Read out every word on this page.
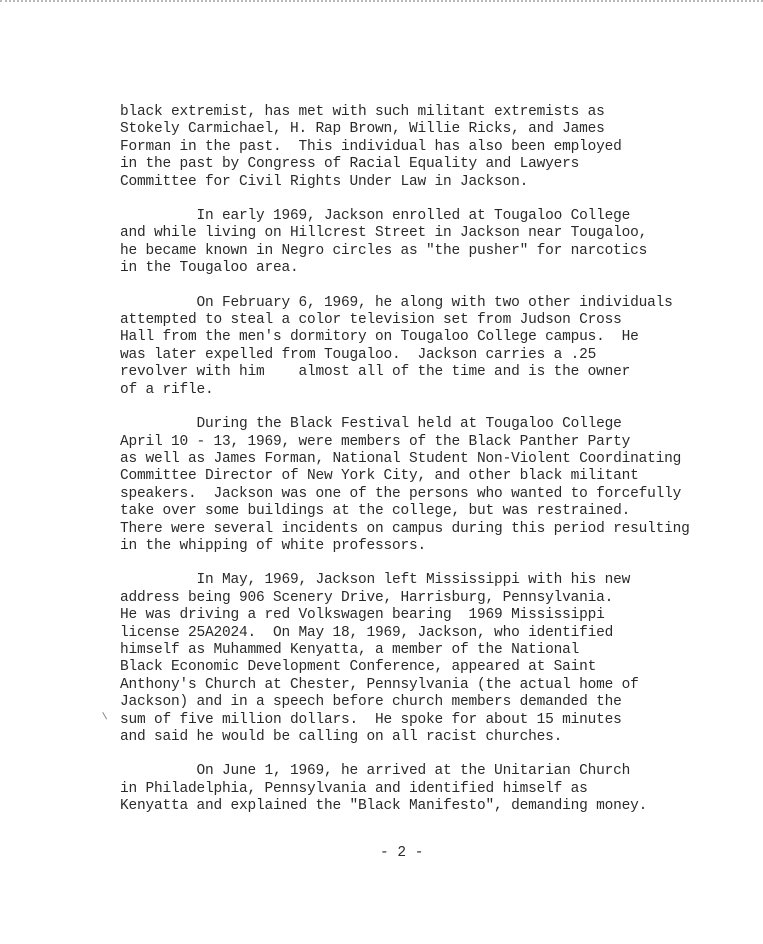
black extremist, has met with such militant extremists as
Stokely Carmichael, H. Rap Brown, Willie Ricks, and James
Forman in the past.  This individual has also been employed
in the past by Congress of Racial Equality and Lawyers
Committee for Civil Rights Under Law in Jackson.
In early 1969, Jackson enrolled at Tougaloo College
and while living on Hillcrest Street in Jackson near Tougaloo,
he became known in Negro circles as "the pusher" for narcotics
in the Tougaloo area.
On February 6, 1969, he along with two other individuals
attempted to steal a color television set from Judson Cross
Hall from the men's dormitory on Tougaloo College campus.  He
was later expelled from Tougaloo.  Jackson carries a .25
revolver with him    almost all of the time and is the owner
of a rifle.
During the Black Festival held at Tougaloo College
April 10 - 13, 1969, were members of the Black Panther Party
as well as James Forman, National Student Non-Violent Coordinating
Committee Director of New York City, and other black militant
speakers.  Jackson was one of the persons who wanted to forcefully
take over some buildings at the college, but was restrained.
There were several incidents on campus during this period resulting
in the whipping of white professors.
In May, 1969, Jackson left Mississippi with his new
address being 906 Scenery Drive, Harrisburg, Pennsylvania.
He was driving a red Volkswagen bearing  1969 Mississippi
license 25A2024.  On May 18, 1969, Jackson, who identified
himself as Muhammed Kenyatta, a member of the National
Black Economic Development Conference, appeared at Saint
Anthony's Church at Chester, Pennsylvania (the actual home of
Jackson) and in a speech before church members demanded the
sum of five million dollars.  He spoke for about 15 minutes
and said he would be calling on all racist churches.
On June 1, 1969, he arrived at the Unitarian Church
in Philadelphia, Pennsylvania and identified himself as
Kenyatta and explained the "Black Manifesto", demanding money.
- 2 -
